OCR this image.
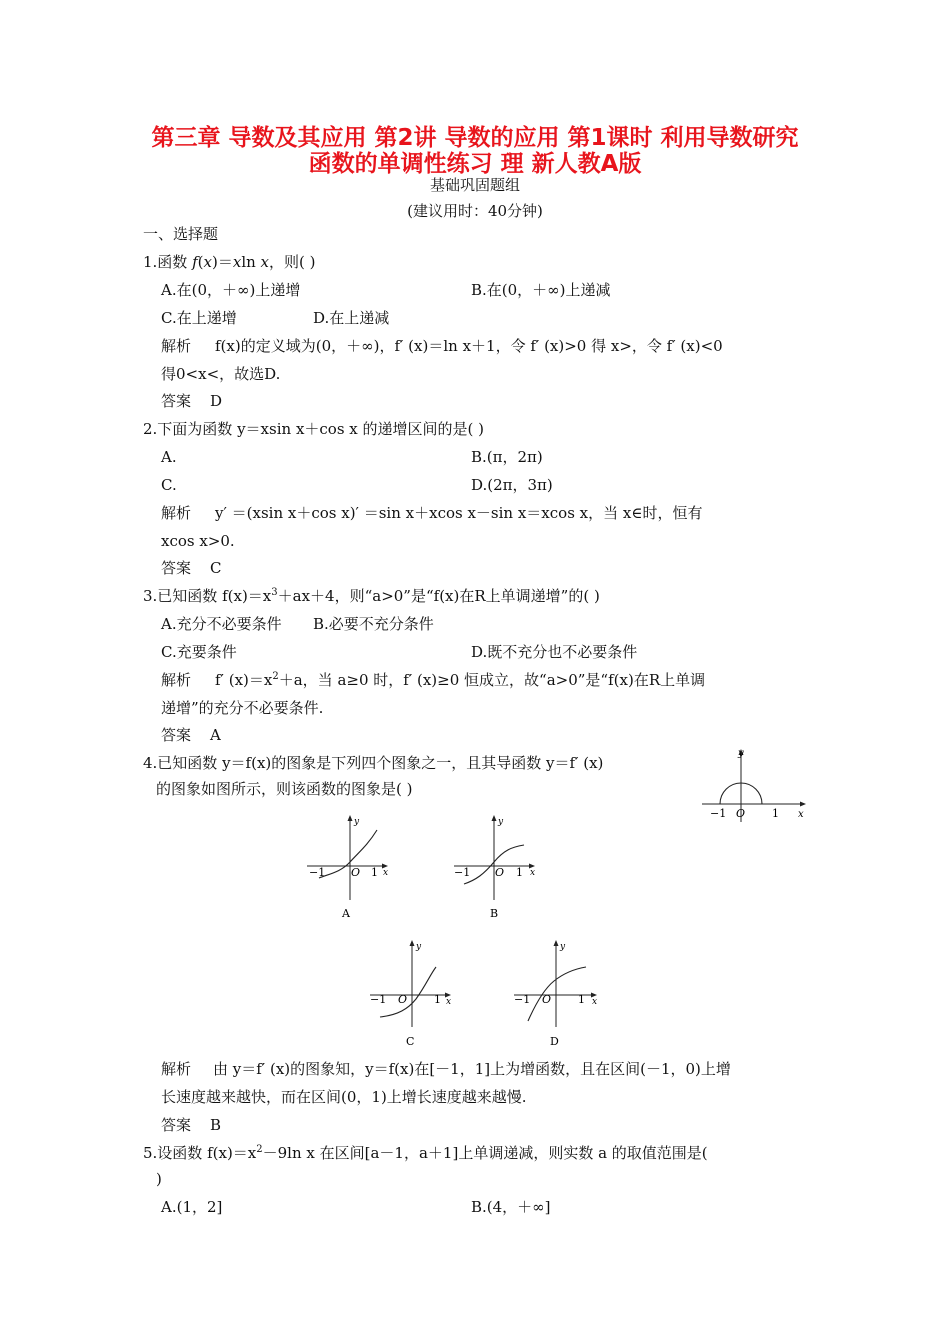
第三章 导数及其应用 第2讲 导数的应用 第1课时 利用导数研究
函数的单调性练习 理 新人教A版
基础巩固题组
(建议用时：40分钟)
一、选择题
1.函数 f(x)＝xln x，则( )
A.在(0，＋∞)上递增	B.在(0，＋∞)上递减
C.在上递增	D.在上递减
解析 f(x)的定义域为(0，＋∞)，f′ (x)＝ln x＋1，令 f′ (x)>0 得 x>，令 f′ (x)<0
得0<x<，故选D.
答案 D
2.下面为函数 y＝xsin x＋cos x 的递增区间的是( )
A.	B.(π，2π)
C.	D.(2π，3π)
解析 y′ ＝(xsin x＋cos x)′ ＝sin x＋xcos x－sin x＝xcos x，当 x∈时，恒有
xcos x>0.
答案 C
3.已知函数 $f(x)=x^3+ax+4$，则“a>0”是“f(x)在R上单调递增”的( )
A.充分不必要条件 B.必要不充分条件
C.充要条件	D.既不充分也不必要条件
解析 f′ $(x)=x^2+a$，当 a≥0 时，f′ (x)≥0 恒成立，故“a>0”是“f(x)在R上单调
递增”的充分不必要条件.
答案 A
4.已知函数 y＝f(x)的图象是下列四个图象之一，且其导函数 y＝f′ (x)
的图象如图所示，则该函数的图象是( )
y
x
O
−1	1
y
x
O
−1	1
A
y
x
O
−1	1
B
y
x
O
−1	1
C
y
x
O
−1	1
D
解析 由 y＝f′ (x)的图象知，y＝f(x)在[－1，1]上为增函数，且在区间(－1，0)上增
长速度越来越快，而在区间(0，1)上增长速度越来越慢.
答案 B
5.设函数 $f(x)=x^2-9\ln$ x 在区间[a－1，a＋1]上单调递减，则实数 a 的取值范围是(
)
A.(1，2]	B.(4，＋∞]
